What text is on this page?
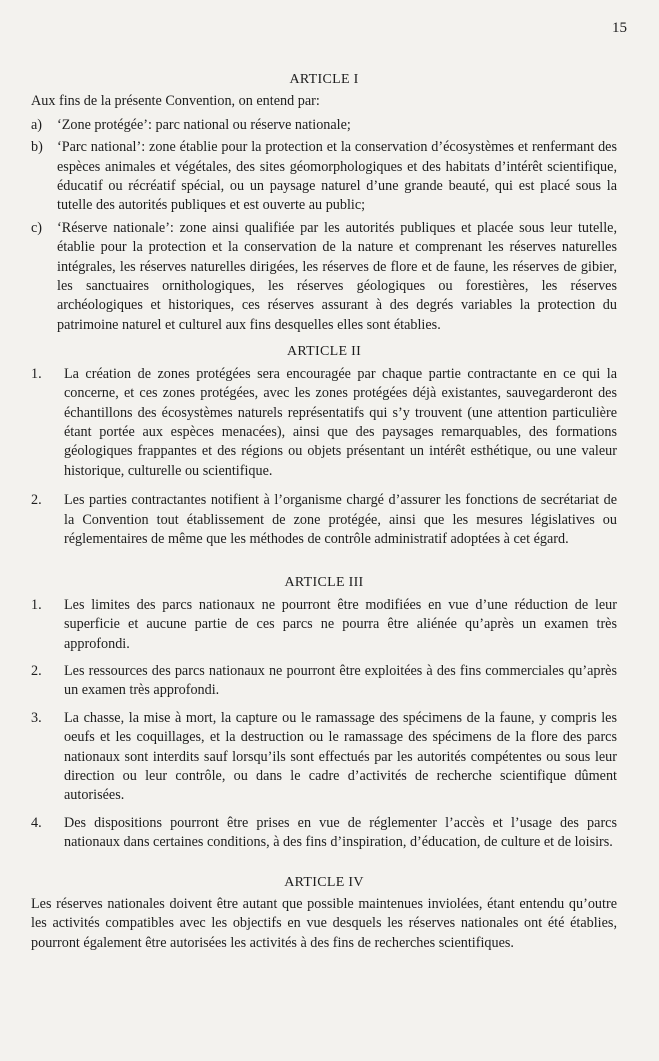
15
ARTICLE I

Aux fins de la présente Convention, on entend par:

a)	‘Zone protégée’: parc national ou réserve nationale;
b) ‘Parc national’: zone établie pour la protection et la conservation d’écosystèmes et renfermant des espèces animales et végétales, des sites géomorphologiques et des habitats d’intérêt scientifique, éducatif ou récréatif spécial, ou un paysage naturel d’une grande beauté, qui est placé sous la tutelle des autorités publiques et est ouverte au public;
c)	‘Réserve nationale’: zone ainsi qualifiée par les autorités publiques et placée sous leur tutelle, établie pour la protection et la conservation de la nature et comprenant les réserves naturelles intégrales, les réserves naturelles dirigées, les réserves de flore et de faune, les réserves de gibier, les sanctuaires ornithologiques, les réserves géologiques ou forestières, les réserves archéologiques et historiques, ces réserves assurant à des degrés variables la protection du patrimoine naturel et culturel aux fins desquelles elles sont établies.
ARTICLE II
1.	La création de zones protégées sera encouragée par chaque partie contractante en ce qui la concerne, et ces zones protégées, avec les zones protégées déjà existantes, sauvegarderont des échantillons des écosystèmes naturels représentatifs qui s’y trouvent (une attention particulière étant portée aux espèces menacées), ainsi que des paysages remarquables, des formations géologiques frappantes et des régions ou objets présentant un intérêt esthétique, ou une valeur historique, culturelle ou scientifique.
2.	Les parties contractantes notifient à l’organisme chargé d’assurer les fonctions de secrétariat de la Convention tout établissement de zone protégée, ainsi que les mesures législatives ou réglementaires de même que les méthodes de contrôle administratif adoptées à cet égard.
ARTICLE III
1.	Les limites des parcs nationaux ne pourront être modifiées en vue d’une réduction de leur superficie et aucune partie de ces parcs ne pourra être aliénée qu’après un examen très approfondi.
2.	Les ressources des parcs nationaux ne pourront être exploitées à des fins commerciales qu’après un examen très approfondi.
3.	La chasse, la mise à mort, la capture ou le ramassage des spécimens de la faune, y compris les oeufs et les coquillages, et la destruction ou le ramassage des spécimens de la flore des parcs nationaux sont interdits sauf lorsqu’ils sont effectués par les autorités compétentes ou sous leur direction ou leur contrôle, ou dans le cadre d’activités de recherche scientifique dûment autorisées.
4.	Des dispositions pourront être prises en vue de réglementer l’accès et l’usage des parcs nationaux dans certaines conditions, à des fins d’inspiration, d’éducation, de culture et de loisirs.
ARTICLE IV

Les réserves nationales doivent être autant que possible maintenues inviolées, étant entendu qu’outre les activités compatibles avec les objectifs en vue desquels les réserves nationales ont été établies, pourront également être autorisées les activités à des fins de recherches scientifiques.
